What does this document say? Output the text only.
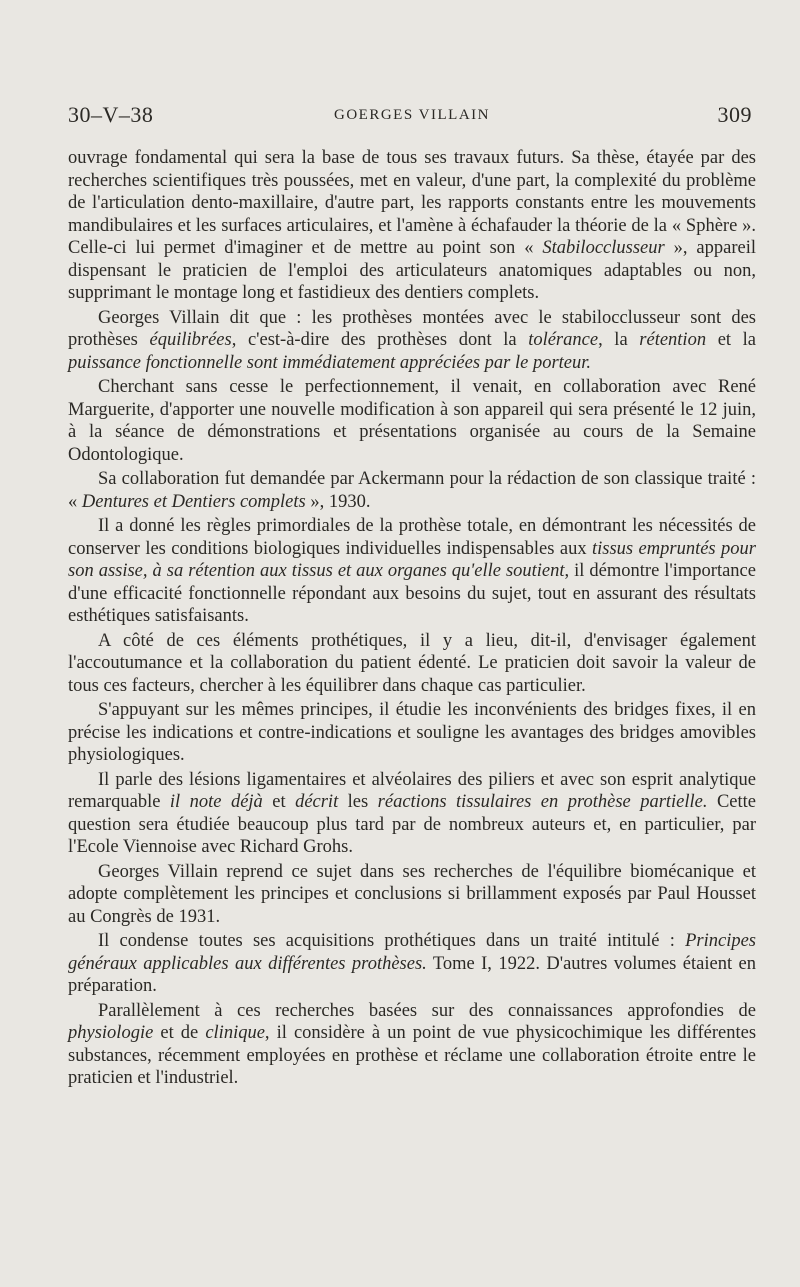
30–V–38	GOERGES VILLAIN	309

ouvrage fondamental qui sera la base de tous ses travaux futurs. Sa thèse, étayée par des recherches scientifiques très poussées, met en valeur, d'une part, la complexité du problème de l'articulation dento-maxillaire, d'autre part, les rapports constants entre les mouvements mandibulaires et les surfaces articulaires, et l'amène à échafauder la théorie de la « Sphère ». Celle-ci lui permet d'imaginer et de mettre au point son « Stabilocclusseur », appareil dispensant le praticien de l'emploi des articulateurs anatomiques adaptables ou non, supprimant le montage long et fastidieux des dentiers complets.

Georges Villain dit que : les prothèses montées avec le stabilocclusseur sont des prothèses équilibrées, c'est-à-dire des prothèses dont la tolérance, la rétention et la puissance fonctionnelle sont immédiatement appréciées par le porteur.

Cherchant sans cesse le perfectionnement, il venait, en collaboration avec René Marguerite, d'apporter une nouvelle modification à son appareil qui sera présenté le 12 juin, à la séance de démonstrations et présentations organisée au cours de la Semaine Odontologique.

Sa collaboration fut demandée par Ackermann pour la rédaction de son classique traité : « Dentures et Dentiers complets », 1930.

Il a donné les règles primordiales de la prothèse totale, en démontrant les nécessités de conserver les conditions biologiques individuelles indispensables aux tissus empruntés pour son assise, à sa rétention aux tissus et aux organes qu'elle soutient, il démontre l'importance d'une efficacité fonctionnelle répondant aux besoins du sujet, tout en assurant des résultats esthétiques satisfaisants.

A côté de ces éléments prothétiques, il y a lieu, dit-il, d'envisager également l'accoutumance et la collaboration du patient édenté. Le praticien doit savoir la valeur de tous ces facteurs, chercher à les équilibrer dans chaque cas particulier.

S'appuyant sur les mêmes principes, il étudie les inconvénients des bridges fixes, il en précise les indications et contre-indications et souligne les avantages des bridges amovibles physiologiques.

Il parle des lésions ligamentaires et alvéolaires des piliers et avec son esprit analytique remarquable il note déjà et décrit les réactions tissulaires en prothèse partielle. Cette question sera étudiée beaucoup plus tard par de nombreux auteurs et, en particulier, par l'Ecole Viennoise avec Richard Grohs.

Georges Villain reprend ce sujet dans ses recherches de l'équilibre biomécanique et adopte complètement les principes et conclusions si brillamment exposés par Paul Housset au Congrès de 1931.

Il condense toutes ses acquisitions prothétiques dans un traité intitulé : Principes généraux applicables aux différentes prothèses. Tome I, 1922. D'autres volumes étaient en préparation.

Parallèlement à ces recherches basées sur des connaissances approfondies de physiologie et de clinique, il considère à un point de vue physicochimique les différentes substances, récemment employées en prothèse et réclame une collaboration étroite entre le praticien et l'industriel.
